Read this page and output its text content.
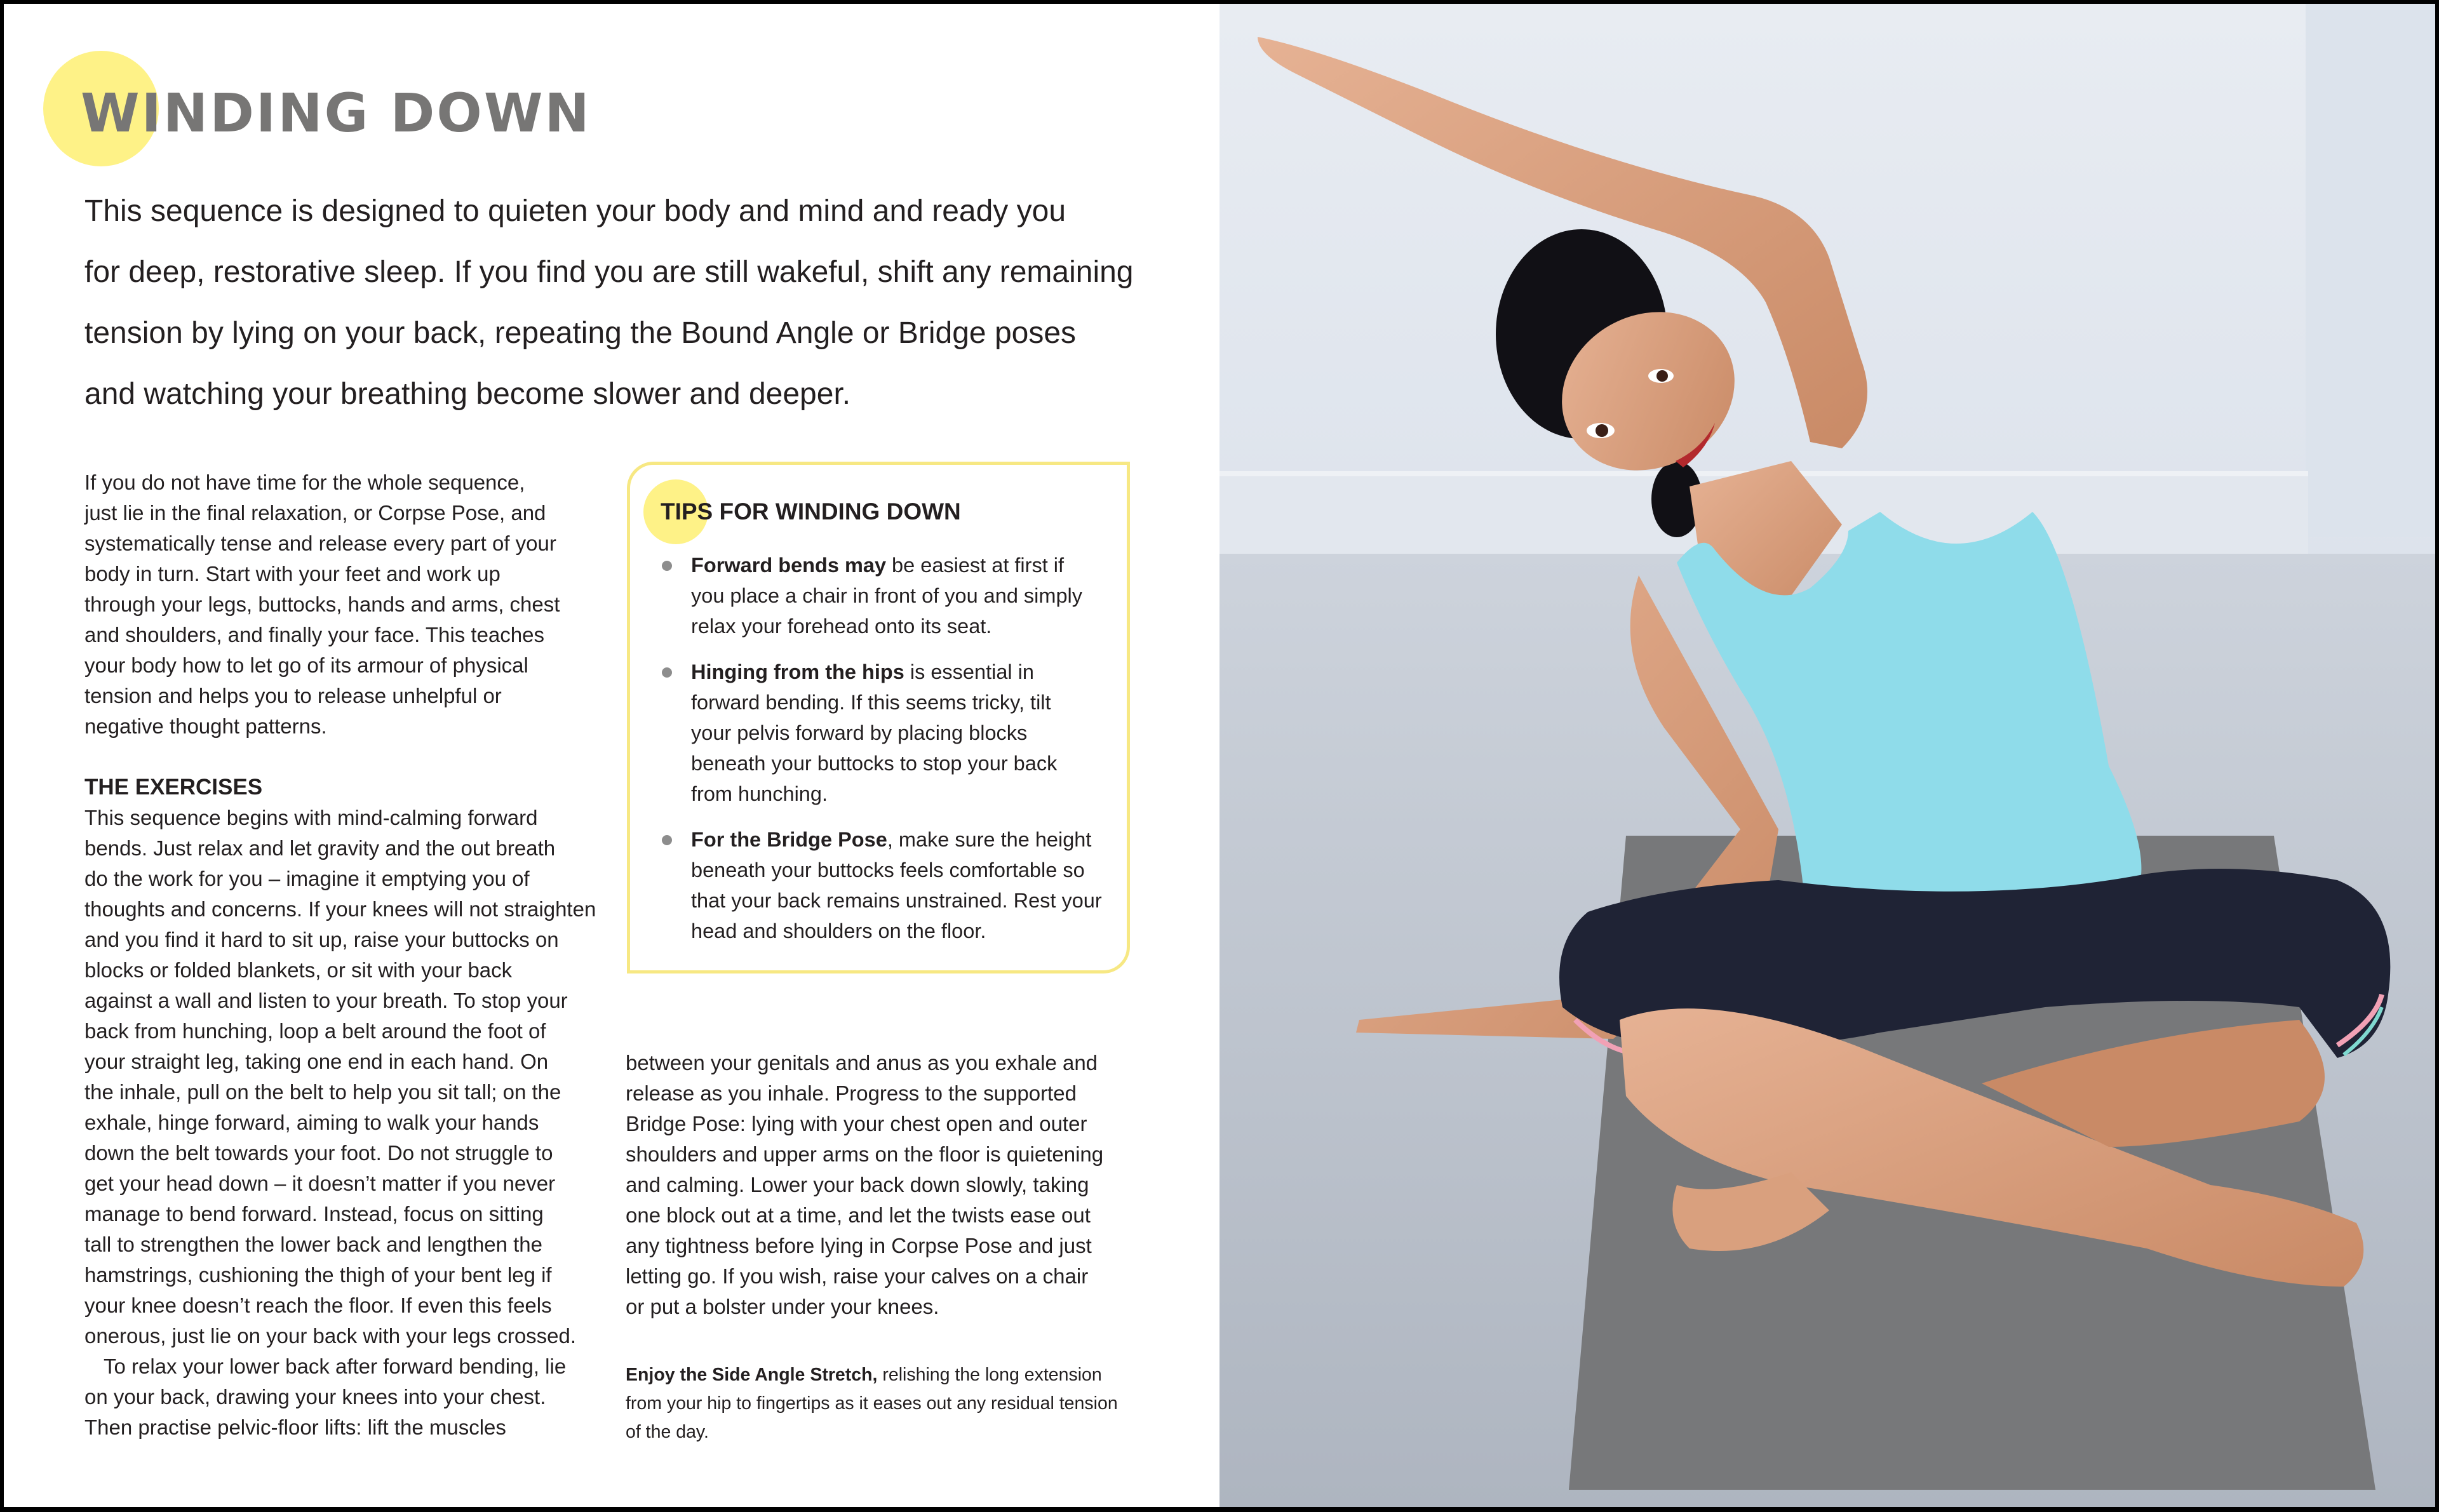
WINDING DOWN
This sequence is designed to quieten your body and mind and ready you
for deep, restorative sleep. If you find you are still wakeful, shift any remaining
tension by lying on your back, repeating the Bound Angle or Bridge poses
and watching your breathing become slower and deeper.
If you do not have time for the whole sequence,
just lie in the final relaxation, or Corpse Pose, and
systematically tense and release every part of your
body in turn. Start with your feet and work up
through your legs, buttocks, hands and arms, chest
and shoulders, and finally your face. This teaches
your body how to let go of its armour of physical
tension and helps you to release unhelpful or
negative thought patterns.
THE EXERCISES
This sequence begins with mind-calming forward
bends. Just relax and let gravity and the out breath
do the work for you – imagine it emptying you of
thoughts and concerns. If your knees will not straighten
and you find it hard to sit up, raise your buttocks on
blocks or folded blankets, or sit with your back
against a wall and listen to your breath. To stop your
back from hunching, loop a belt around the foot of
your straight leg, taking one end in each hand. On
the inhale, pull on the belt to help you sit tall; on the
exhale, hinge forward, aiming to walk your hands
down the belt towards your foot. Do not struggle to
get your head down – it doesn’t matter if you never
manage to bend forward. Instead, focus on sitting
tall to strengthen the lower back and lengthen the
hamstrings, cushioning the thigh of your bent leg if
your knee doesn’t reach the floor. If even this feels
onerous, just lie on your back with your legs crossed.
To relax your lower back after forward bending, lie
on your back, drawing your knees into your chest.
Then practise pelvic-floor lifts: lift the muscles
TIPS FOR WINDING DOWN
Forward bends may be easiest at first if
you place a chair in front of you and simply
relax your forehead onto its seat.
Hinging from the hips is essential in
forward bending. If this seems tricky, tilt
your pelvis forward by placing blocks
beneath your buttocks to stop your back
from hunching.
For the Bridge Pose, make sure the height
beneath your buttocks feels comfortable so
that your back remains unstrained. Rest your
head and shoulders on the floor.
between your genitals and anus as you exhale and
release as you inhale. Progress to the supported
Bridge Pose: lying with your chest open and outer
shoulders and upper arms on the floor is quietening
and calming. Lower your back down slowly, taking
one block out at a time, and let the twists ease out
any tightness before lying in Corpse Pose and just
letting go. If you wish, raise your calves on a chair
or put a bolster under your knees.
Enjoy the Side Angle Stretch, relishing the long extension
from your hip to fingertips as it eases out any residual tension
of the day.
